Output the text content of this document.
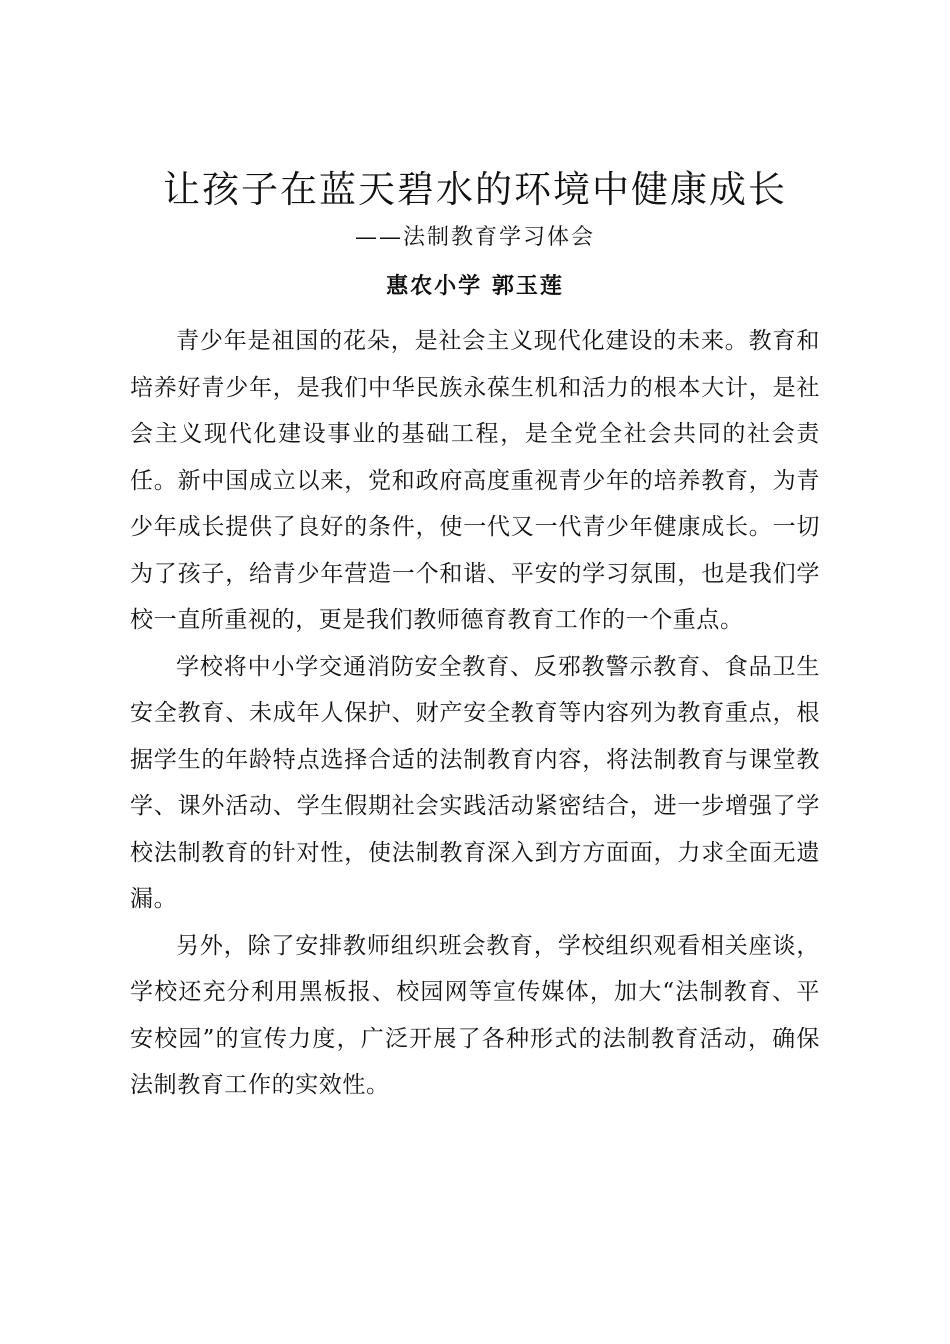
让孩子在蓝天碧水的环境中健康成长
——法制教育学习体会
惠农小学 郭玉莲

青少年是祖国的花朵，是社会主义现代化建设的未来。教育和培养好青少年，是我们中华民族永葆生机和活力的根本大计，是社会主义现代化建设事业的基础工程，是全党全社会共同的社会责任。新中国成立以来，党和政府高度重视青少年的培养教育，为青少年成长提供了良好的条件，使一代又一代青少年健康成长。一切为了孩子，给青少年营造一个和谐、平安的学习氛围，也是我们学校一直所重视的，更是我们教师德育教育工作的一个重点。

学校将中小学交通消防安全教育、反邪教警示教育、食品卫生安全教育、未成年人保护、财产安全教育等内容列为教育重点，根据学生的年龄特点选择合适的法制教育内容，将法制教育与课堂教学、课外活动、学生假期社会实践活动紧密结合，进一步增强了学校法制教育的针对性，使法制教育深入到方方面面，力求全面无遗漏。

另外，除了安排教师组织班会教育，学校组织观看相关座谈，学校还充分利用黑板报、校园网等宣传媒体，加大“法制教育、平安校园”的宣传力度，广泛开展了各种形式的法制教育活动，确保法制教育工作的实效性。
